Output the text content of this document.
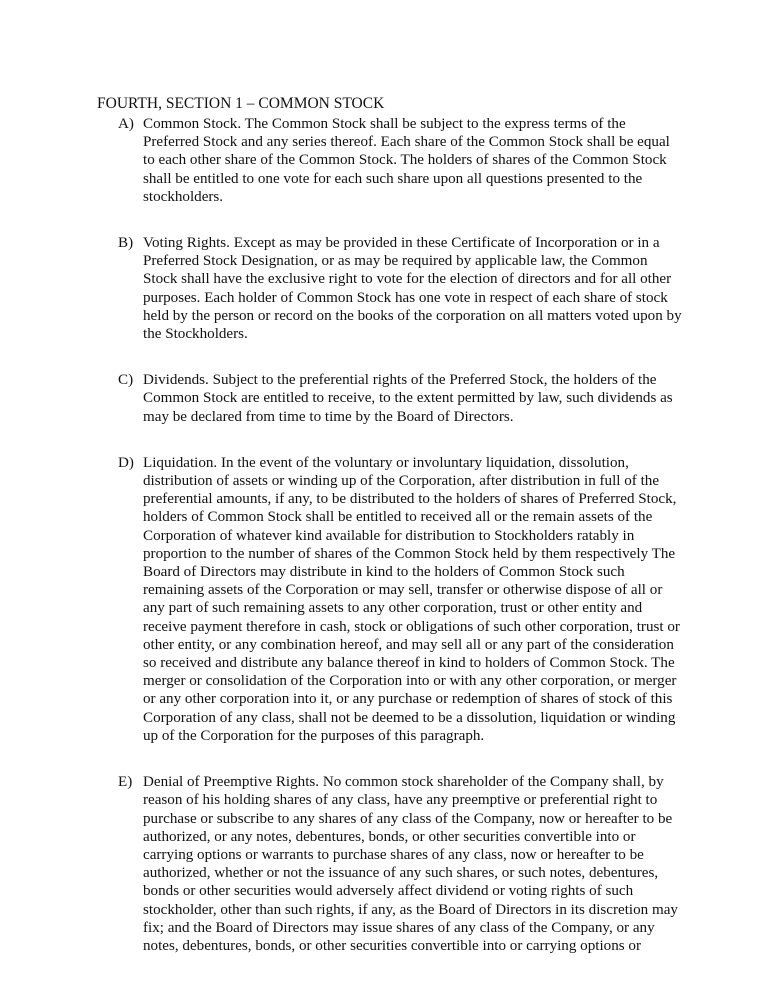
FOURTH, SECTION 1 – COMMON STOCK
A) Common Stock. The Common Stock shall be subject to the express terms of the
Preferred Stock and any series thereof. Each share of the Common Stock shall be equal
to each other share of the Common Stock. The holders of shares of the Common Stock
shall be entitled to one vote for each such share upon all questions presented to the
stockholders.
B) Voting Rights. Except as may be provided in these Certificate of Incorporation or in a
Preferred Stock Designation, or as may be required by applicable law, the Common
Stock shall have the exclusive right to vote for the election of directors and for all other
purposes. Each holder of Common Stock has one vote in respect of each share of stock
held by the person or record on the books of the corporation on all matters voted upon by
the Stockholders.
C) Dividends. Subject to the preferential rights of the Preferred Stock, the holders of the
Common Stock are entitled to receive, to the extent permitted by law, such dividends as
may be declared from time to time by the Board of Directors.
D) Liquidation. In the event of the voluntary or involuntary liquidation, dissolution,
distribution of assets or winding up of the Corporation, after distribution in full of the
preferential amounts, if any, to be distributed to the holders of shares of Preferred Stock,
holders of Common Stock shall be entitled to received all or the remain assets of the
Corporation of whatever kind available for distribution to Stockholders ratably in
proportion to the number of shares of the Common Stock held by them respectively The
Board of Directors may distribute in kind to the holders of Common Stock such
remaining assets of the Corporation or may sell, transfer or otherwise dispose of all or
any part of such remaining assets to any other corporation, trust or other entity and
receive payment therefore in cash, stock or obligations of such other corporation, trust or
other entity, or any combination hereof, and may sell all or any part of the consideration
so received and distribute any balance thereof in kind to holders of Common Stock. The
merger or consolidation of the Corporation into or with any other corporation, or merger
or any other corporation into it, or any purchase or redemption of shares of stock of this
Corporation of any class, shall not be deemed to be a dissolution, liquidation or winding
up of the Corporation for the purposes of this paragraph.
E) Denial of Preemptive Rights. No common stock shareholder of the Company shall, by
reason of his holding shares of any class, have any preemptive or preferential right to
purchase or subscribe to any shares of any class of the Company, now or hereafter to be
authorized, or any notes, debentures, bonds, or other securities convertible into or
carrying options or warrants to purchase shares of any class, now or hereafter to be
authorized, whether or not the issuance of any such shares, or such notes, debentures,
bonds or other securities would adversely affect dividend or voting rights of such
stockholder, other than such rights, if any, as the Board of Directors in its discretion may
fix; and the Board of Directors may issue shares of any class of the Company, or any
notes, debentures, bonds, or other securities convertible into or carrying options or
